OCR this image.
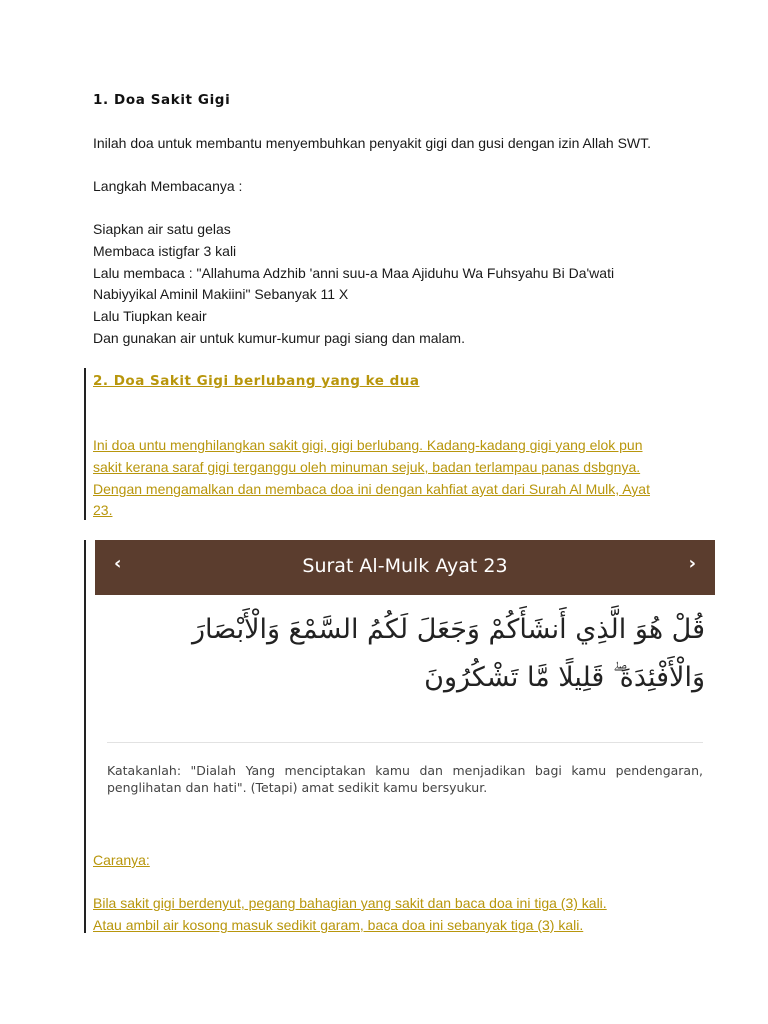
1. Doa Sakit Gigi
Inilah doa untuk membantu menyembuhkan penyakit gigi dan gusi dengan izin Allah SWT.
Langkah Membacanya :
Siapkan air satu gelas
Membaca istigfar 3 kali
Lalu membaca : "Allahuma Adzhib 'anni suu-a Maa Ajiduhu Wa Fuhsyahu Bi Da'wati
Nabiyyikal Aminil Makiini" Sebanyak 11 X
Lalu Tiupkan keair
Dan gunakan air untuk kumur-kumur pagi siang dan malam.
2. Doa Sakit Gigi berlubang yang ke dua
Ini doa untu menghilangkan sakit gigi, gigi berlubang. Kadang-kadang gigi yang elok pun
sakit kerana saraf gigi terganggu oleh minuman sejuk, badan terlampau panas dsbgnya.
Dengan mengamalkan dan membaca doa ini dengan kahfiat ayat dari Surah Al Mulk, Ayat
23.
‹	Surat Al-Mulk Ayat 23	›
قُلْ هُوَ الَّذِي أَنشَأَكُمْ وَجَعَلَ لَكُمُ السَّمْعَ وَالْأَبْصَارَ وَالْأَفْئِدَةَ ۖ قَلِيلًا مَّا تَشْكُرُونَ
Katakanlah: "Dialah Yang menciptakan kamu dan menjadikan bagi kamu pendengaran, penglihatan dan hati". (Tetapi) amat sedikit kamu bersyukur.
Caranya:
Bila sakit gigi berdenyut, pegang bahagian yang sakit dan baca doa ini tiga (3) kali.
Atau ambil air kosong masuk sedikit garam, baca doa ini sebanyak tiga (3) kali.
